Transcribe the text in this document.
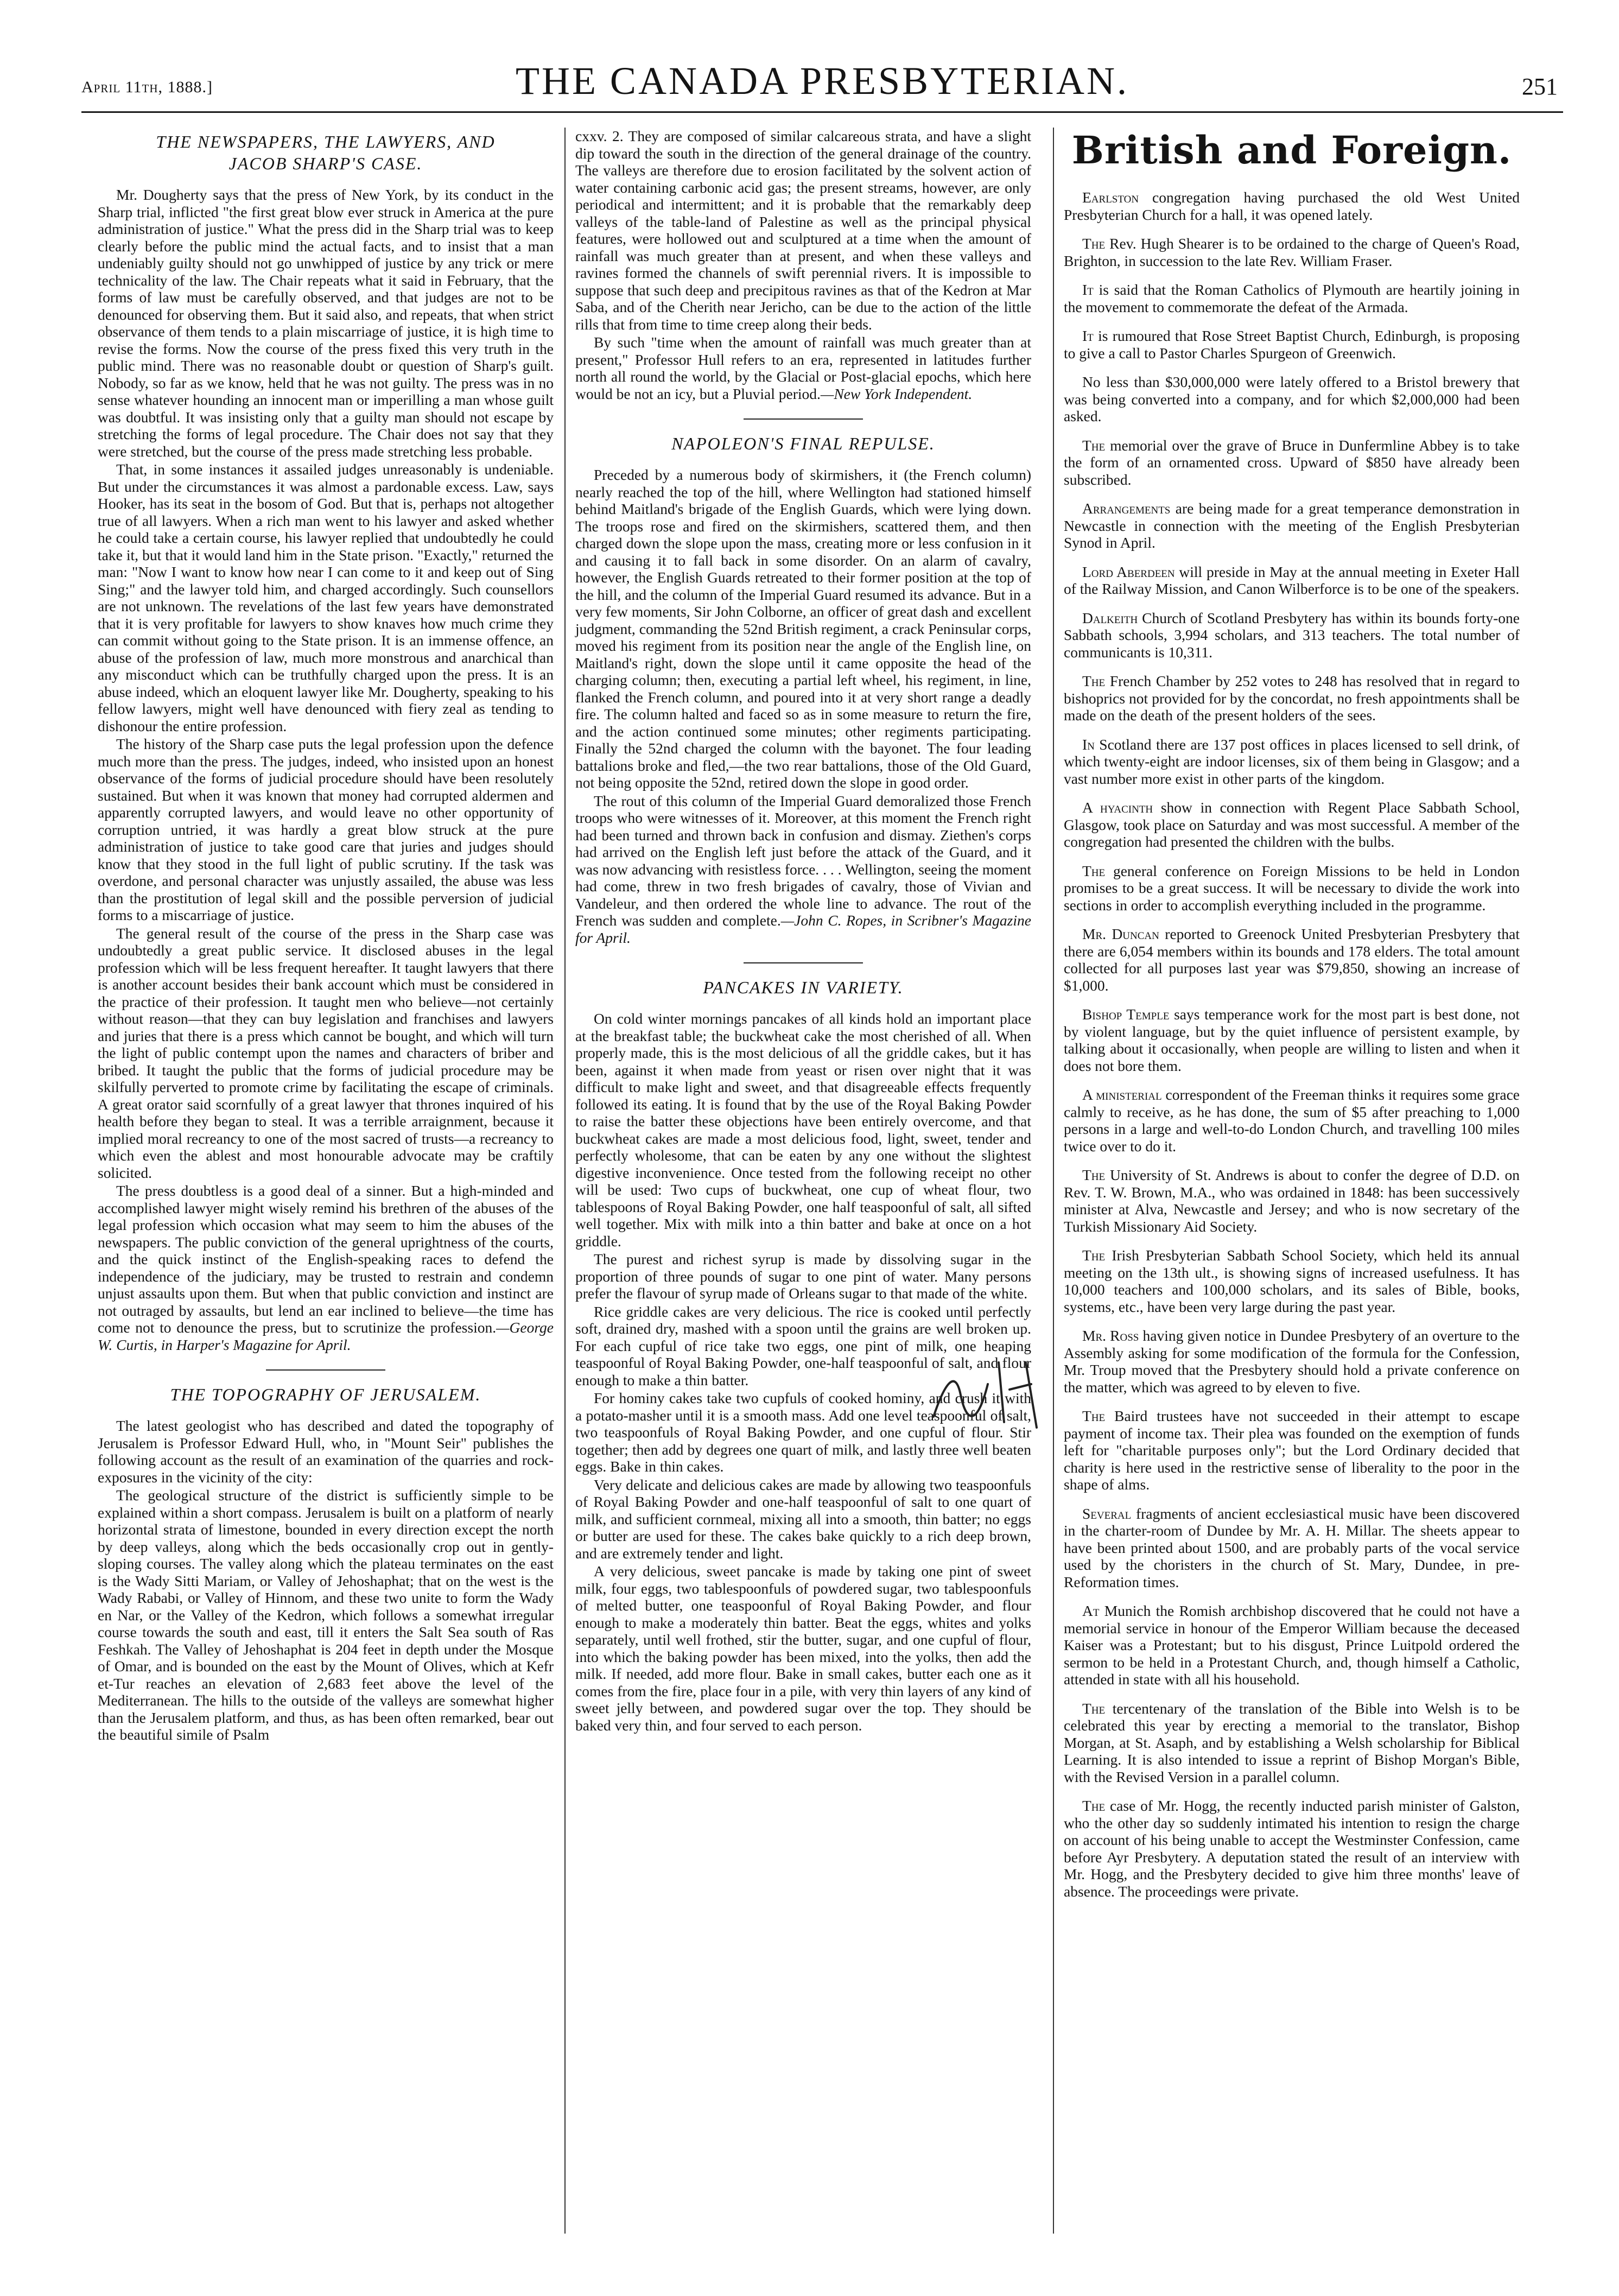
April 11th, 1888.]	THE CANADA PRESBYTERIAN.	251
THE NEWSPAPERS, THE LAWYERS, AND
JACOB SHARP'S CASE.

Mr. Dougherty says that the press of New York, by its conduct in the Sharp trial, inflicted "the first great blow ever struck in America at the pure administration of justice." What the press did in the Sharp trial was to keep clearly before the public mind the actual facts, and to insist that a man undeniably guilty should not go unwhipped of justice by any trick or mere technicality of the law. The Chair repeats what it said in February, that the forms of law must be carefully observed, and that judges are not to be denounced for observing them. But it said also, and repeats, that when strict observance of them tends to a plain miscarriage of justice, it is high time to revise the forms. Now the course of the press fixed this very truth in the public mind. There was no reasonable doubt or question of Sharp's guilt. Nobody, so far as we know, held that he was not guilty. The press was in no sense whatever hounding an innocent man or imperilling a man whose guilt was doubtful. It was insisting only that a guilty man should not escape by stretching the forms of legal procedure. The Chair does not say that they were stretched, but the course of the press made stretching less probable.

That, in some instances it assailed judges unreasonably is undeniable. But under the circumstances it was almost a pardonable excess. Law, says Hooker, has its seat in the bosom of God. But that is, perhaps not altogether true of all lawyers. When a rich man went to his lawyer and asked whether he could take a certain course, his lawyer replied that undoubtedly he could take it, but that it would land him in the State prison. "Exactly," returned the man: "Now I want to know how near I can come to it and keep out of Sing Sing;" and the lawyer told him, and charged accordingly. Such counsellors are not unknown. The revelations of the last few years have demonstrated that it is very profitable for lawyers to show knaves how much crime they can commit without going to the State prison. It is an immense offence, an abuse of the profession of law, much more monstrous and anarchical than any misconduct which can be truthfully charged upon the press. It is an abuse indeed, which an eloquent lawyer like Mr. Dougherty, speaking to his fellow lawyers, might well have denounced with fiery zeal as tending to dishonour the entire profession.

The history of the Sharp case puts the legal profession upon the defence much more than the press. The judges, indeed, who insisted upon an honest observance of the forms of judicial procedure should have been resolutely sustained. But when it was known that money had corrupted aldermen and apparently corrupted lawyers, and would leave no other opportunity of corruption untried, it was hardly a great blow struck at the pure administration of justice to take good care that juries and judges should know that they stood in the full light of public scrutiny. If the task was overdone, and personal character was unjustly assailed, the abuse was less than the prostitution of legal skill and the possible perversion of judicial forms to a miscarriage of justice.

The general result of the course of the press in the Sharp case was undoubtedly a great public service. It disclosed abuses in the legal profession which will be less frequent hereafter. It taught lawyers that there is another account besides their bank account which must be considered in the practice of their profession. It taught men who believe—not certainly without reason—that they can buy legislation and franchises and lawyers and juries that there is a press which cannot be bought, and which will turn the light of public contempt upon the names and characters of briber and bribed. It taught the public that the forms of judicial procedure may be skilfully perverted to promote crime by facilitating the escape of criminals. A great orator said scornfully of a great lawyer that thrones inquired of his health before they began to steal. It was a terrible arraignment, because it implied moral recreancy to one of the most sacred of trusts—a recreancy to which even the ablest and most honourable advocate may be craftily solicited.

The press doubtless is a good deal of a sinner. But a high-minded and accomplished lawyer might wisely remind his brethren of the abuses of the legal profession which occasion what may seem to him the abuses of the newspapers. The public conviction of the general uprightness of the courts, and the quick instinct of the English-speaking races to defend the independence of the judiciary, may be trusted to restrain and condemn unjust assaults upon them. But when that public conviction and instinct are not outraged by assaults, but lend an ear inclined to believe—the time has come not to denounce the press, but to scrutinize the profession.—George W. Curtis, in Harper's Magazine for April.

THE TOPOGRAPHY OF JERUSALEM.

The latest geologist who has described and dated the topography of Jerusalem is Professor Edward Hull, who, in "Mount Seir" publishes the following account as the result of an examination of the quarries and rock-exposures in the vicinity of the city:

The geological structure of the district is sufficiently simple to be explained within a short compass. Jerusalem is built on a platform of nearly horizontal strata of limestone, bounded in every direction except the north by deep valleys, along which the beds occasionally crop out in gently-sloping courses. The valley along which the plateau terminates on the east is the Wady Sitti Mariam, or Valley of Jehoshaphat; that on the west is the Wady Rababi, or Valley of Hinnom, and these two unite to form the Wady en Nar, or the Valley of the Kedron, which follows a somewhat irregular course towards the south and east, till it enters the Salt Sea south of Ras Feshkah. The Valley of Jehoshaphat is 204 feet in depth under the Mosque of Omar, and is bounded on the east by the Mount of Olives, which at Kefr et-Tur reaches an elevation of 2,683 feet above the level of the Mediterranean. The hills to the outside of the valleys are somewhat higher than the Jerusalem platform, and thus, as has been often remarked, bear out the beautiful simile of Psalm

cxxv. 2. They are composed of similar calcareous strata, and have a slight dip toward the south in the direction of the general drainage of the country. The valleys are therefore due to erosion facilitated by the solvent action of water containing carbonic acid gas; the present streams, however, are only periodical and intermittent; and it is probable that the remarkably deep valleys of the table-land of Palestine as well as the principal physical features, were hollowed out and sculptured at a time when the amount of rainfall was much greater than at present, and when these valleys and ravines formed the channels of swift perennial rivers. It is impossible to suppose that such deep and precipitous ravines as that of the Kedron at Mar Saba, and of the Cherith near Jericho, can be due to the action of the little rills that from time to time creep along their beds.

By such "time when the amount of rainfall was much greater than at present," Professor Hull refers to an era, represented in latitudes further north all round the world, by the Glacial or Post-glacial epochs, which here would be not an icy, but a Pluvial period.—New York Independent.

NAPOLEON'S FINAL REPULSE.

Preceded by a numerous body of skirmishers, it (the French column) nearly reached the top of the hill, where Wellington had stationed himself behind Maitland's brigade of the English Guards, which were lying down. The troops rose and fired on the skirmishers, scattered them, and then charged down the slope upon the mass, creating more or less confusion in it and causing it to fall back in some disorder. On an alarm of cavalry, however, the English Guards retreated to their former position at the top of the hill, and the column of the Imperial Guard resumed its advance. But in a very few moments, Sir John Colborne, an officer of great dash and excellent judgment, commanding the 52nd British regiment, a crack Peninsular corps, moved his regiment from its position near the angle of the English line, on Maitland's right, down the slope until it came opposite the head of the charging column; then, executing a partial left wheel, his regiment, in line, flanked the French column, and poured into it at very short range a deadly fire. The column halted and faced so as in some measure to return the fire, and the action continued some minutes; other regiments participating. Finally the 52nd charged the column with the bayonet. The four leading battalions broke and fled,—the two rear battalions, those of the Old Guard, not being opposite the 52nd, retired down the slope in good order.

The rout of this column of the Imperial Guard demoralized those French troops who were witnesses of it. Moreover, at this moment the French right had been turned and thrown back in confusion and dismay. Ziethen's corps had arrived on the English left just before the attack of the Guard, and it was now advancing with resistless force. . . . Wellington, seeing the moment had come, threw in two fresh brigades of cavalry, those of Vivian and Vandeleur, and then ordered the whole line to advance. The rout of the French was sudden and complete.—John C. Ropes, in Scribner's Magazine for April.

PANCAKES IN VARIETY.

On cold winter mornings pancakes of all kinds hold an important place at the breakfast table; the buckwheat cake the most cherished of all. When properly made, this is the most delicious of all the griddle cakes, but it has been, against it when made from yeast or risen over night that it was difficult to make light and sweet, and that disagreeable effects frequently followed its eating. It is found that by the use of the Royal Baking Powder to raise the batter these objections have been entirely overcome, and that buckwheat cakes are made a most delicious food, light, sweet, tender and perfectly wholesome, that can be eaten by any one without the slightest digestive inconvenience. Once tested from the following receipt no other will be used: Two cups of buckwheat, one cup of wheat flour, two tablespoons of Royal Baking Powder, one half teaspoonful of salt, all sifted well together. Mix with milk into a thin batter and bake at once on a hot griddle.

The purest and richest syrup is made by dissolving sugar in the proportion of three pounds of sugar to one pint of water. Many persons prefer the flavour of syrup made of Orleans sugar to that made of the white.

Rice griddle cakes are very delicious. The rice is cooked until perfectly soft, drained dry, mashed with a spoon until the grains are well broken up. For each cupful of rice take two eggs, one pint of milk, one heaping teaspoonful of Royal Baking Powder, one-half teaspoonful of salt, and flour enough to make a thin batter.

For hominy cakes take two cupfuls of cooked hominy, and crush it with a potato-masher until it is a smooth mass. Add one level teaspoonful of salt, two teaspoonfuls of Royal Baking Powder, and one cupful of flour. Stir together; then add by degrees one quart of milk, and lastly three well beaten eggs. Bake in thin cakes.

Very delicate and delicious cakes are made by allowing two teaspoonfuls of Royal Baking Powder and one-half teaspoonful of salt to one quart of milk, and sufficient cornmeal, mixing all into a smooth, thin batter; no eggs or butter are used for these. The cakes bake quickly to a rich deep brown, and are extremely tender and light.

A very delicious, sweet pancake is made by taking one pint of sweet milk, four eggs, two tablespoonfuls of powdered sugar, two tablespoonfuls of melted butter, one teaspoonful of Royal Baking Powder, and flour enough to make a moderately thin batter. Beat the eggs, whites and yolks separately, until well frothed, stir the butter, sugar, and one cupful of flour, into which the baking powder has been mixed, into the yolks, then add the milk. If needed, add more flour. Bake in small cakes, butter each one as it comes from the fire, place four in a pile, with very thin layers of any kind of sweet jelly between, and powdered sugar over the top. They should be baked very thin, and four served to each person.

British and Foreign.

Earlston congregation having purchased the old West United Presbyterian Church for a hall, it was opened lately.

The Rev. Hugh Shearer is to be ordained to the charge of Queen's Road, Brighton, in succession to the late Rev. William Fraser.

It is said that the Roman Catholics of Plymouth are heartily joining in the movement to commemorate the defeat of the Armada.

It is rumoured that Rose Street Baptist Church, Edinburgh, is proposing to give a call to Pastor Charles Spurgeon of Greenwich.

No less than $30,000,000 were lately offered to a Bristol brewery that was being converted into a company, and for which $2,000,000 had been asked.

The memorial over the grave of Bruce in Dunfermline Abbey is to take the form of an ornamented cross. Upward of $850 have already been subscribed.

Arrangements are being made for a great temperance demonstration in Newcastle in connection with the meeting of the English Presbyterian Synod in April.

Lord Aberdeen will preside in May at the annual meeting in Exeter Hall of the Railway Mission, and Canon Wilberforce is to be one of the speakers.

Dalkeith Church of Scotland Presbytery has within its bounds forty-one Sabbath schools, 3,994 scholars, and 313 teachers. The total number of communicants is 10,311.

The French Chamber by 252 votes to 248 has resolved that in regard to bishoprics not provided for by the concordat, no fresh appointments shall be made on the death of the present holders of the sees.

In Scotland there are 137 post offices in places licensed to sell drink, of which twenty-eight are indoor licenses, six of them being in Glasgow; and a vast number more exist in other parts of the kingdom.

A hyacinth show in connection with Regent Place Sabbath School, Glasgow, took place on Saturday and was most successful. A member of the congregation had presented the children with the bulbs.

The general conference on Foreign Missions to be held in London promises to be a great success. It will be necessary to divide the work into sections in order to accomplish everything included in the programme.

Mr. Duncan reported to Greenock United Presbyterian Presbytery that there are 6,054 members within its bounds and 178 elders. The total amount collected for all purposes last year was $79,850, showing an increase of $1,000.

Bishop Temple says temperance work for the most part is best done, not by violent language, but by the quiet influence of persistent example, by talking about it occasionally, when people are willing to listen and when it does not bore them.

A ministerial correspondent of the Freeman thinks it requires some grace calmly to receive, as he has done, the sum of $5 after preaching to 1,000 persons in a large and well-to-do London Church, and travelling 100 miles twice over to do it.

The University of St. Andrews is about to confer the degree of D.D. on Rev. T. W. Brown, M.A., who was ordained in 1848: has been successively minister at Alva, Newcastle and Jersey; and who is now secretary of the Turkish Missionary Aid Society.

The Irish Presbyterian Sabbath School Society, which held its annual meeting on the 13th ult., is showing signs of increased usefulness. It has 10,000 teachers and 100,000 scholars, and its sales of Bible, books, systems, etc., have been very large during the past year.

Mr. Ross having given notice in Dundee Presbytery of an overture to the Assembly asking for some modification of the formula for the Confession, Mr. Troup moved that the Presbytery should hold a private conference on the matter, which was agreed to by eleven to five.

The Baird trustees have not succeeded in their attempt to escape payment of income tax. Their plea was founded on the exemption of funds left for "charitable purposes only"; but the Lord Ordinary decided that charity is here used in the restrictive sense of liberality to the poor in the shape of alms.

Several fragments of ancient ecclesiastical music have been discovered in the charter-room of Dundee by Mr. A. H. Millar. The sheets appear to have been printed about 1500, and are probably parts of the vocal service used by the choristers in the church of St. Mary, Dundee, in pre-Reformation times.

At Munich the Romish archbishop discovered that he could not have a memorial service in honour of the Emperor William because the deceased Kaiser was a Protestant; but to his disgust, Prince Luitpold ordered the sermon to be held in a Protestant Church, and, though himself a Catholic, attended in state with all his household.

The tercentenary of the translation of the Bible into Welsh is to be celebrated this year by erecting a memorial to the translator, Bishop Morgan, at St. Asaph, and by establishing a Welsh scholarship for Biblical Learning. It is also intended to issue a reprint of Bishop Morgan's Bible, with the Revised Version in a parallel column.

The case of Mr. Hogg, the recently inducted parish minister of Galston, who the other day so suddenly intimated his intention to resign the charge on account of his being unable to accept the Westminster Confession, came before Ayr Presbytery. A deputation stated the result of an interview with Mr. Hogg, and the Presbytery decided to give him three months' leave of absence. The proceedings were private.
